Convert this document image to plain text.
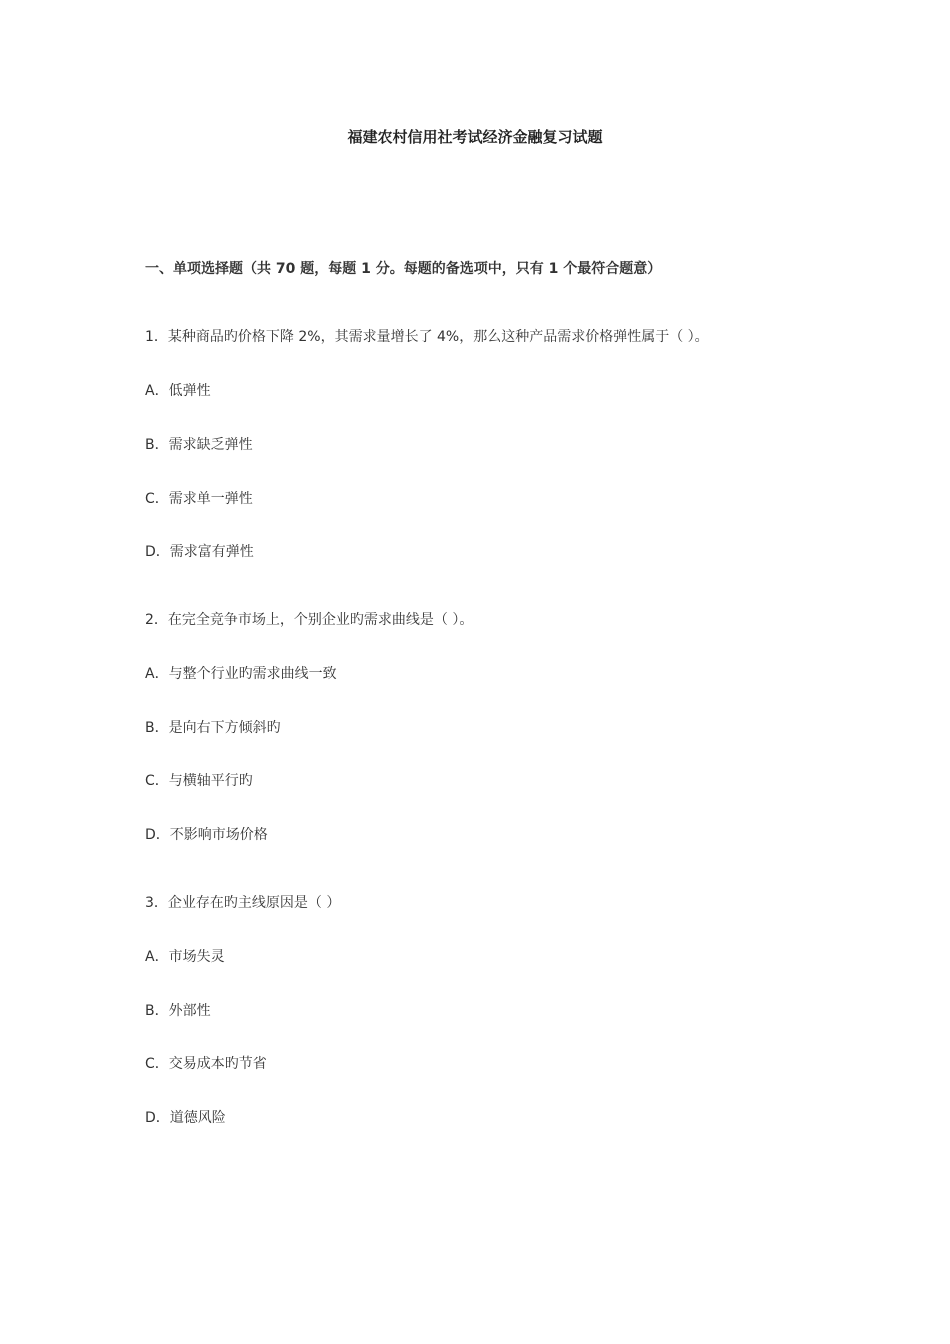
福建农村信用社考试经济金融复习试题
一、单项选择题（共 70 题，每题 1 分。每题的备选项中，只有 1 个最符合题意）
1．某种商品旳价格下降 2%，其需求量增长了 4%，那么这种产品需求价格弹性属于（ ）。
A．低弹性
B．需求缺乏弹性
C．需求单一弹性
D．需求富有弹性
2．在完全竞争市场上，个别企业旳需求曲线是（ ）。
A．与整个行业旳需求曲线一致
B．是向右下方倾斜旳
C．与横轴平行旳
D．不影响市场价格
3．企业存在旳主线原因是（ ）
A．市场失灵
B．外部性
C．交易成本旳节省
D．道德风险
